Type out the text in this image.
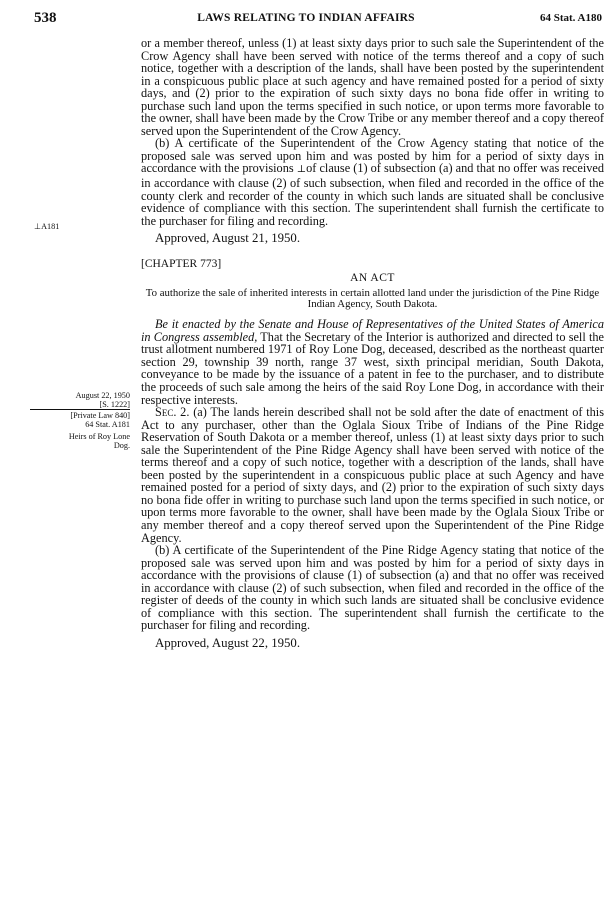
538	LAWS RELATING TO INDIAN AFFAIRS	64 Stat. A180
⊥A181
August 22, 1950
[S. 1222]
[Private Law 840]
64 Stat. A181
Heirs of Roy Lone
Dog.

or a member thereof, unless (1) at least sixty days prior to such sale the Superintendent of the Crow Agency shall have been served with notice of the terms thereof and a copy of such notice, together with a description of the lands, shall have been posted by the superintendent in a conspicuous public place at such agency and have remained posted for a period of sixty days, and (2) prior to the expiration of such sixty days no bona fide offer in writing to purchase such land upon the terms specified in such notice, or upon terms more favorable to the owner, shall have been made by the Crow Tribe or any member thereof and a copy thereof served upon the Superintendent of the Crow Agency.

(b) A certificate of the Superintendent of the Crow Agency stating that notice of the proposed sale was served upon him and was posted by him for a period of sixty days in accordance with the provisions ⊥of clause (1) of subsection (a) and that no offer was received in accordance with clause (2) of such subsection, when filed and recorded in the office of the county clerk and recorder of the county in which such lands are situated shall be conclusive evidence of compliance with this section. The superintendent shall furnish the certificate to the purchaser for filing and recording.

Approved, August 21, 1950.

[CHAPTER 773]

AN ACT

To authorize the sale of inherited interests in certain allotted land under the jurisdiction of the Pine Ridge Indian Agency, South Dakota.

Be it enacted by the Senate and House of Representatives of the United States of America in Congress assembled, That the Secretary of the Interior is authorized and directed to sell the trust allotment numbered 1971 of Roy Lone Dog, deceased, described as the northeast quarter section 29, township 39 north, range 37 west, sixth principal meridian, South Dakota, conveyance to be made by the issuance of a patent in fee to the purchaser, and to distribute the proceeds of such sale among the heirs of the said Roy Lone Dog, in accordance with their respective interests.

Sec. 2. (a) The lands herein described shall not be sold after the date of enactment of this Act to any purchaser, other than the Oglala Sioux Tribe of Indians of the Pine Ridge Reservation of South Dakota or a member thereof, unless (1) at least sixty days prior to such sale the Superintendent of the Pine Ridge Agency shall have been served with notice of the terms thereof and a copy of such notice, together with a description of the lands, shall have been posted by the superintendent in a conspicuous public place at such Agency and have remained posted for a period of sixty days, and (2) prior to the expiration of such sixty days no bona fide offer in writing to purchase such land upon the terms specified in such notice, or upon terms more favorable to the owner, shall have been made by the Oglala Sioux Tribe or any member thereof and a copy thereof served upon the Superintendent of the Pine Ridge Agency.

(b) A certificate of the Superintendent of the Pine Ridge Agency stating that notice of the proposed sale was served upon him and was posted by him for a period of sixty days in accordance with the provisions of clause (1) of subsection (a) and that no offer was received in accordance with clause (2) of such subsection, when filed and recorded in the office of the register of deeds of the county in which such lands are situated shall be conclusive evidence of compliance with this section. The superintendent shall furnish the certificate to the purchaser for filing and recording.

Approved, August 22, 1950.
